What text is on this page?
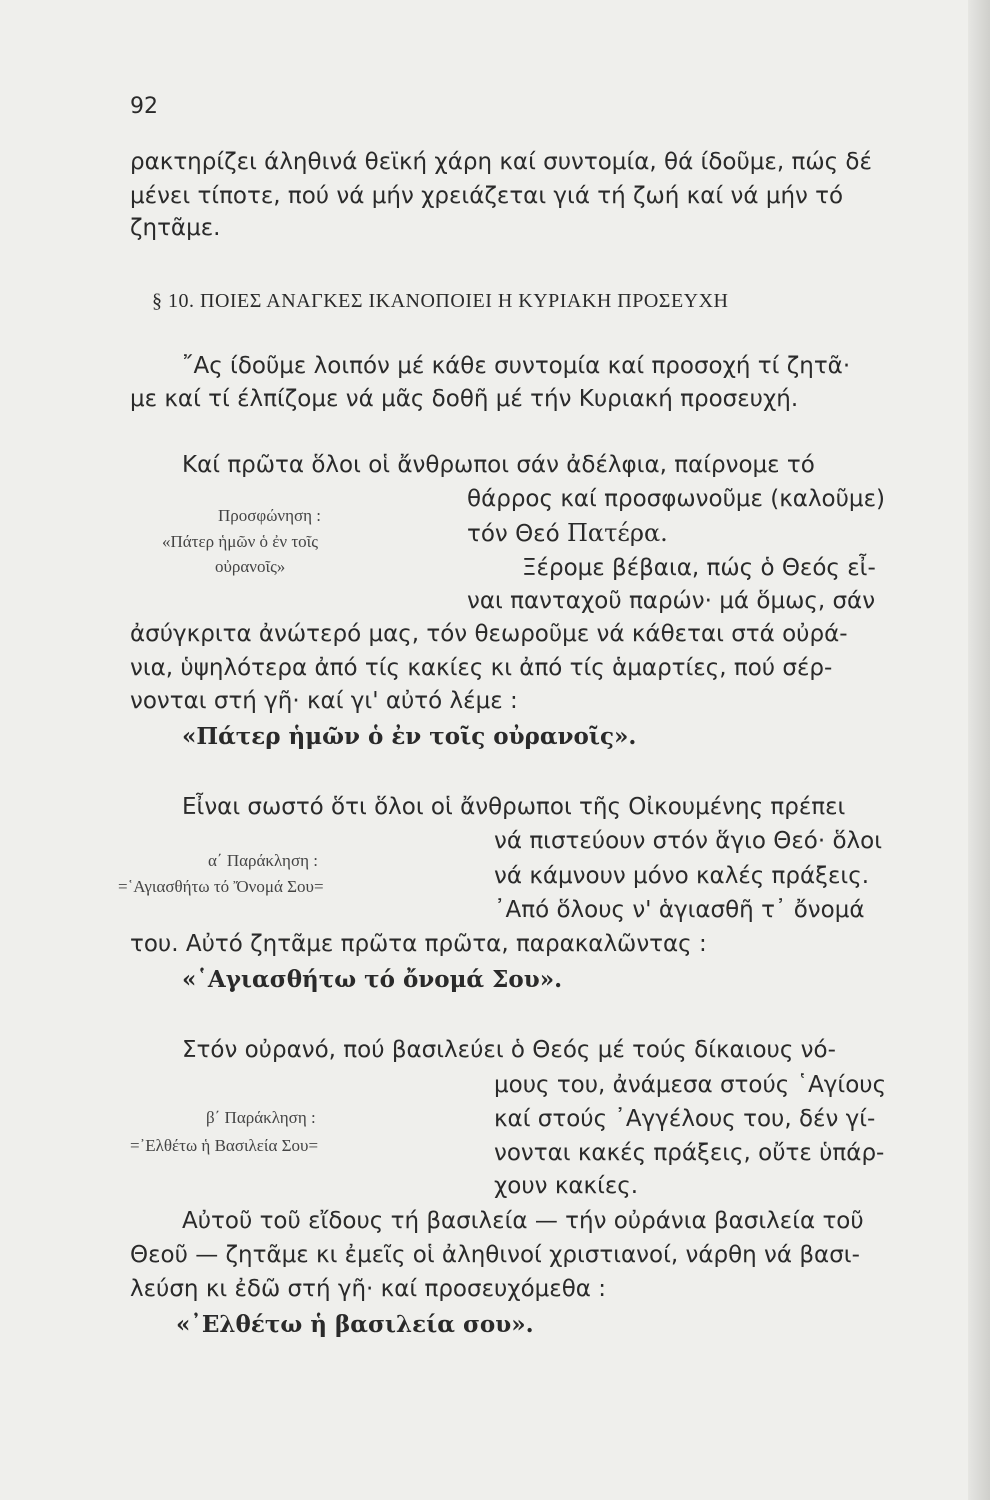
92
ρακτηρίζει άληθινά θεϊκή χάρη καί συντομία, θά ίδοῦμε, πώς δέ
μένει τίποτε, πού νά μήν χρειάζεται γιά τή ζωή καί νά μήν τό
ζητᾶμε.
§ 10. ΠΟΙΕΣ ΑΝΑΓΚΕΣ ΙΚΑΝΟΠΟΙΕΙ Η ΚΥΡΙΑΚΗ ΠΡΟΣΕΥΧΗ
῎Ας ίδοῦμε λοιπόν μέ κάθε συντομία καί προσοχή τί ζητᾶ·
με καί τί έλπίζομε νά μᾶς δοθῆ μέ τήν Κυριακή προσευχή.
Καί πρῶτα ὅλοι οἱ ἄνθρωποι σάν ἀδέλφια, παίρνομε τό
Προσφώνηση :
«Πάτερ ἡμῶν ὁ ἐν τοῖς
οὐρανοῖς»
θάρρος καί προσφωνοῦμε (καλοῦμε)
τόν Θεό Πατέρα.
Ξέρομε βέβαια, πώς ὁ Θεός εἶ-
ναι πανταχοῦ παρών· μά ὅμως, σάν
ἀσύγκριτα ἀνώτερό μας, τόν θεωροῦμε νά κάθεται στά οὐρά-
νια, ὑψηλότερα ἀπό τίς κακίες κι ἀπό τίς ἁμαρτίες, πού σέρ-
νονται στή γῆ· καί γι' αὐτό λέμε :
«Πάτερ ἡμῶν ὁ ἐν τοῖς οὐρανοῖς».
Εἶναι σωστό ὅτι ὅλοι οἱ ἄνθρωποι τῆς Οἰκουμένης πρέπει
α΄ Παράκληση :
=῾Αγιασθήτω τό Ὄνομά Σου=
νά πιστεύουν στόν ἅγιο Θεό· ὅλοι
νά κάμνουν μόνο καλές πράξεις.
᾿Από ὅλους ν' ἁγιασθῆ τ᾿ ὄνομά
του. Αὐτό ζητᾶμε πρῶτα πρῶτα, παρακαλῶντας :
«῾Αγιασθήτω τό ὄνομά Σου».
Στόν οὐρανό, πού βασιλεύει ὁ Θεός μέ τούς δίκαιους νό-
β΄ Παράκληση :
=᾿Ελθέτω ἡ Βασιλεία Σου=
μους του, ἀνάμεσα στούς ῾Αγίους
καί στούς ᾿Αγγέλους του, δέν γί-
νονται κακές πράξεις, οὔτε ὑπάρ-
χουν κακίες.
Αὐτοῦ τοῦ εἴδους τή βασιλεία — τήν οὐράνια βασιλεία τοῦ
Θεοῦ — ζητᾶμε κι ἐμεῖς οἱ ἀληθινοί χριστιανοί, νάρθη νά βασι-
λεύση κι ἐδῶ στή γῆ· καί προσευχόμεθα :
«᾿Ελθέτω ἡ βασιλεία σου».
